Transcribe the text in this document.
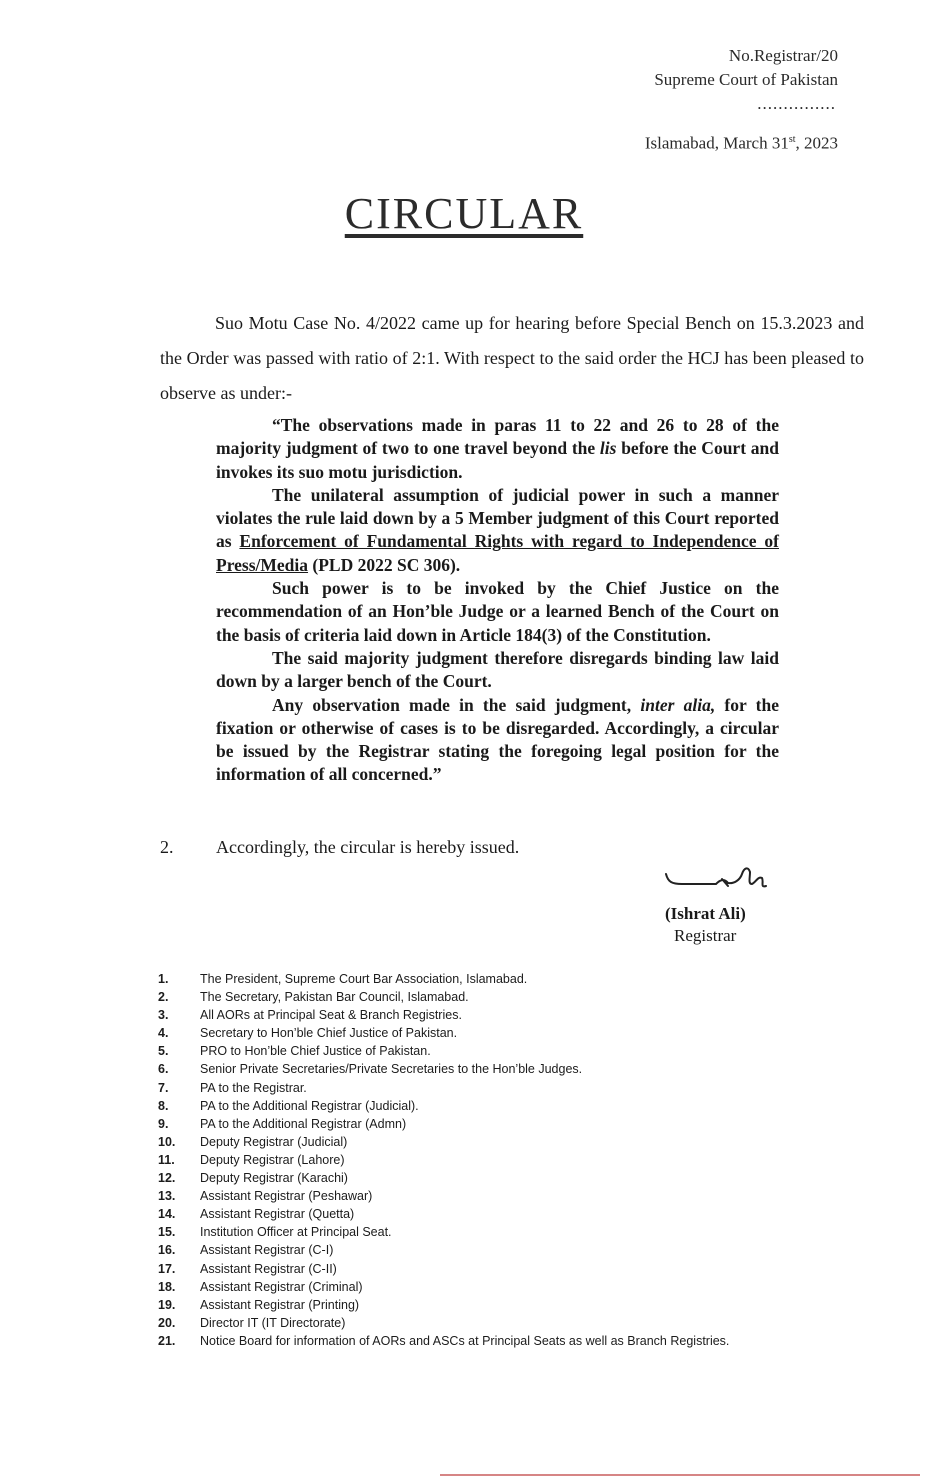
No.Registrar/20
Supreme Court of Pakistan
...............
Islamabad, March 31st, 2023
CIRCULAR
Suo Motu Case No. 4/2022 came up for hearing before Special Bench on 15.3.2023 and the Order was passed with ratio of 2:1. With respect to the said order the HCJ has been pleased to observe as under:-

“The observations made in paras 11 to 22 and 26 to 28 of the majority judgment of two to one travel beyond the lis before the Court and invokes its suo motu jurisdiction.

The unilateral assumption of judicial power in such a manner violates the rule laid down by a 5 Member judgment of this Court reported as Enforcement of Fundamental Rights with regard to Independence of Press/Media (PLD 2022 SC 306).

Such power is to be invoked by the Chief Justice on the recommendation of an Hon’ble Judge or a learned Bench of the Court on the basis of criteria laid down in Article 184(3) of the Constitution.

The said majority judgment therefore disregards binding law laid down by a larger bench of the Court.

Any observation made in the said judgment, inter alia, for the fixation or otherwise of cases is to be disregarded. Accordingly, a circular be issued by the Registrar stating the foregoing legal position for the information of all concerned.”

2. Accordingly, the circular is hereby issued.
(Ishrat Ali)
Registrar
1.	The President, Supreme Court Bar Association, Islamabad.
2.	The Secretary, Pakistan Bar Council, Islamabad.
3.	All AORs at Principal Seat & Branch Registries.
4.	Secretary to Hon’ble Chief Justice of Pakistan.
5.	PRO to Hon’ble Chief Justice of Pakistan.
6.	Senior Private Secretaries/Private Secretaries to the Hon’ble Judges.
7.	PA to the Registrar.
8.	PA to the Additional Registrar (Judicial).
9.	PA to the Additional Registrar (Admn)
10.	Deputy Registrar (Judicial)
11.	Deputy Registrar (Lahore)
12.	Deputy Registrar (Karachi)
13.	Assistant Registrar (Peshawar)
14.	Assistant Registrar (Quetta)
15.	Institution Officer at Principal Seat.
16.	Assistant Registrar (C-I)
17.	Assistant Registrar (C-II)
18.	Assistant Registrar (Criminal)
19.	Assistant Registrar (Printing)
20.	Director IT (IT Directorate)
21.	Notice Board for information of AORs and ASCs at Principal Seats as well as Branch Registries.
